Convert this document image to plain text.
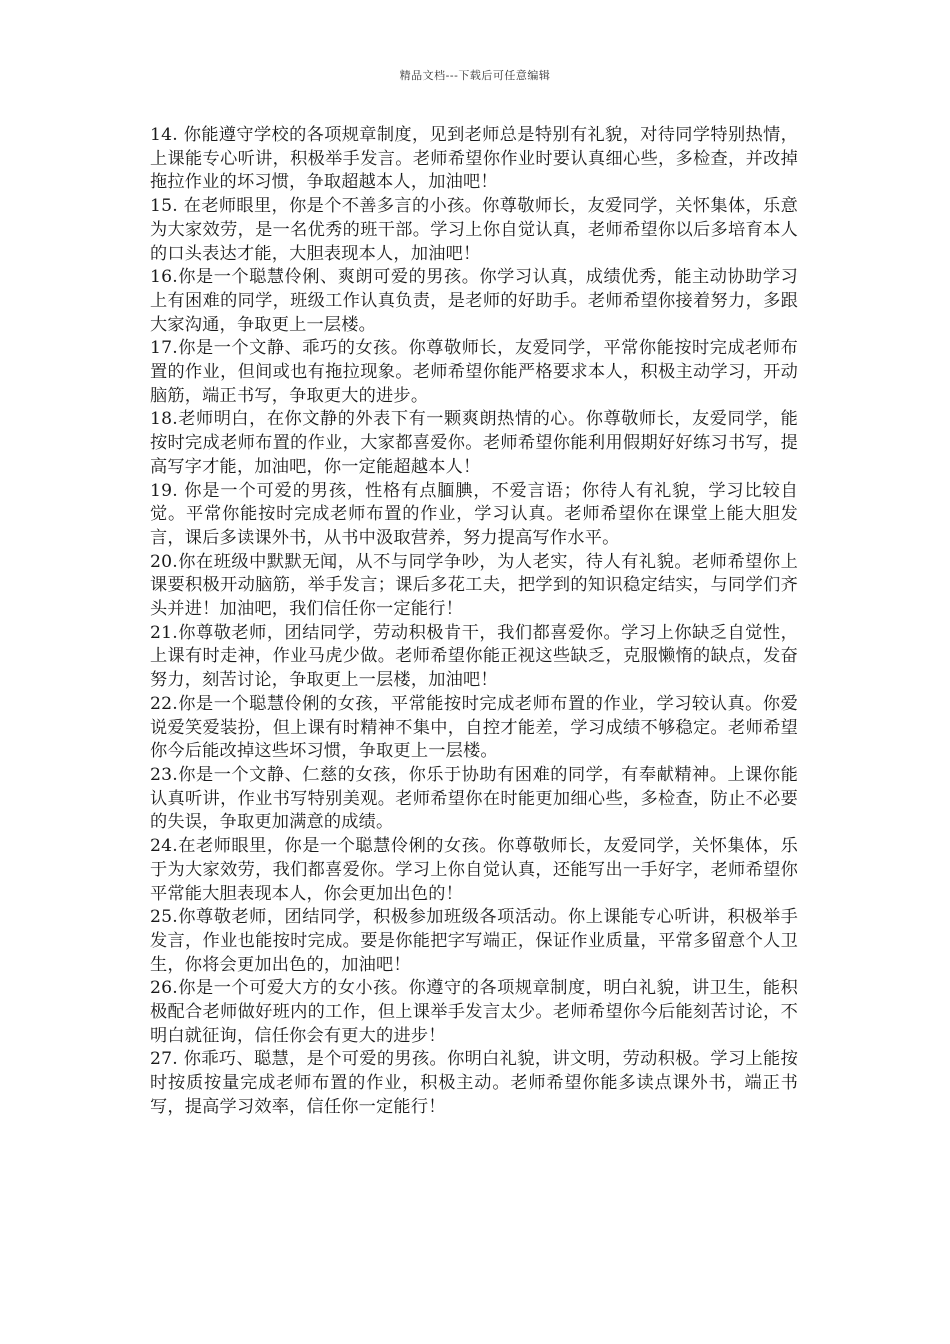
精品文档---下载后可任意编辑

14. 你能遵守学校的各项规章制度，见到老师总是特别有礼貌，对待同学特别热情，上课能专心听讲，积极举手发言。老师希望你作业时要认真细心些，多检查，并改掉拖拉作业的坏习惯，争取超越本人，加油吧！

15. 在老师眼里，你是个不善多言的小孩。你尊敬师长，友爱同学，关怀集体，乐意为大家效劳，是一名优秀的班干部。学习上你自觉认真，老师希望你以后多培育本人的口头表达才能，大胆表现本人，加油吧！

16.你是一个聪慧伶俐、爽朗可爱的男孩。你学习认真，成绩优秀，能主动协助学习上有困难的同学，班级工作认真负责，是老师的好助手。老师希望你接着努力，多跟大家沟通，争取更上一层楼。

17.你是一个文静、乖巧的女孩。你尊敬师长，友爱同学，平常你能按时完成老师布置的作业，但间或也有拖拉现象。老师希望你能严格要求本人，积极主动学习，开动脑筋，端正书写，争取更大的进步。

18.老师明白，在你文静的外表下有一颗爽朗热情的心。你尊敬师长，友爱同学，能按时完成老师布置的作业，大家都喜爱你。老师希望你能利用假期好好练习书写，提高写字才能，加油吧，你一定能超越本人！

19. 你是一个可爱的男孩，性格有点腼腆，不爱言语；你待人有礼貌，学习比较自觉。平常你能按时完成老师布置的作业，学习认真。老师希望你在课堂上能大胆发言，课后多读课外书，从书中汲取营养，努力提高写作水平。

20.你在班级中默默无闻，从不与同学争吵，为人老实，待人有礼貌。老师希望你上课要积极开动脑筋，举手发言；课后多花工夫，把学到的知识稳定结实，与同学们齐头并进！加油吧，我们信任你一定能行！

21.你尊敬老师，团结同学，劳动积极肯干，我们都喜爱你。学习上你缺乏自觉性，上课有时走神，作业马虎少做。老师希望你能正视这些缺乏，克服懒惰的缺点，发奋努力，刻苦讨论，争取更上一层楼，加油吧！

22.你是一个聪慧伶俐的女孩，平常能按时完成老师布置的作业，学习较认真。你爱说爱笑爱装扮，但上课有时精神不集中，自控才能差，学习成绩不够稳定。老师希望你今后能改掉这些坏习惯，争取更上一层楼。

23.你是一个文静、仁慈的女孩，你乐于协助有困难的同学，有奉献精神。上课你能认真听讲，作业书写特别美观。老师希望你在时能更加细心些，多检查，防止不必要的失误，争取更加满意的成绩。

24.在老师眼里，你是一个聪慧伶俐的女孩。你尊敬师长，友爱同学，关怀集体，乐于为大家效劳，我们都喜爱你。学习上你自觉认真，还能写出一手好字，老师希望你平常能大胆表现本人，你会更加出色的！

25.你尊敬老师，团结同学，积极参加班级各项活动。你上课能专心听讲，积极举手发言，作业也能按时完成。要是你能把字写端正，保证作业质量，平常多留意个人卫生，你将会更加出色的，加油吧！

26.你是一个可爱大方的女小孩。你遵守的各项规章制度，明白礼貌，讲卫生，能积极配合老师做好班内的工作，但上课举手发言太少。老师希望你今后能刻苦讨论，不明白就征询，信任你会有更大的进步！

27. 你乖巧、聪慧，是个可爱的男孩。你明白礼貌，讲文明，劳动积极。学习上能按时按质按量完成老师布置的作业，积极主动。老师希望你能多读点课外书，端正书写，提高学习效率，信任你一定能行！
